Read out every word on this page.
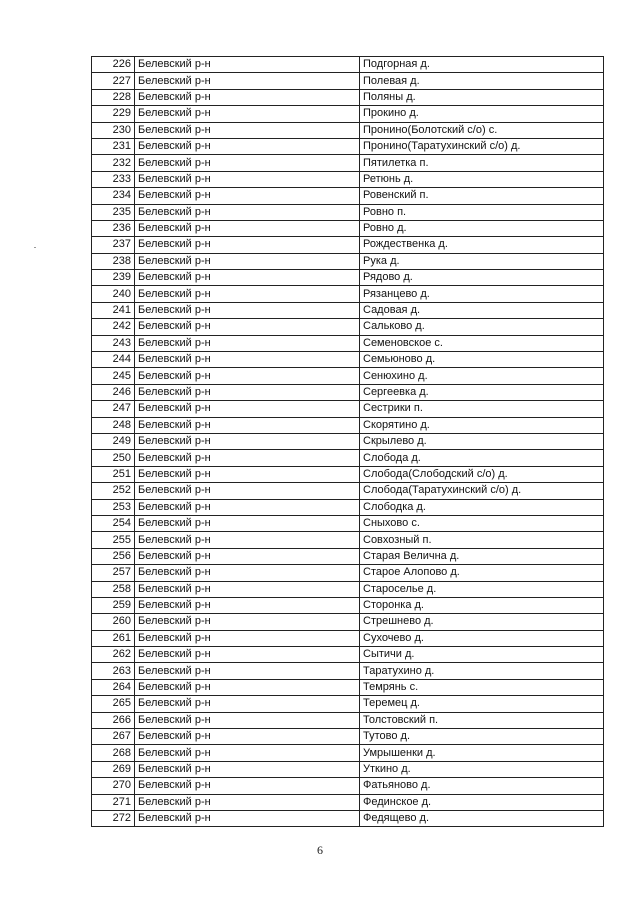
226	Белевский р-н	Подгорная д.
227	Белевский р-н	Полевая д.
228	Белевский р-н	Поляны д.
229	Белевский р-н	Прокино д.
230	Белевский р-н	Пронино(Болотский с/о) с.
231	Белевский р-н	Пронино(Таратухинский с/о) д.
232	Белевский р-н	Пятилетка п.
233	Белевский р-н	Ретюнь д.
234	Белевский р-н	Ровенский п.
235	Белевский р-н	Ровно п.
236	Белевский р-н	Ровно д.
237	Белевский р-н	Рождественка д.
238	Белевский р-н	Рука д.
239	Белевский р-н	Рядово д.
240	Белевский р-н	Рязанцево д.
241	Белевский р-н	Садовая д.
242	Белевский р-н	Сальково д.
243	Белевский р-н	Семеновское с.
244	Белевский р-н	Семьюново д.
245	Белевский р-н	Сенюхино д.
246	Белевский р-н	Сергеевка д.
247	Белевский р-н	Сестрики п.
248	Белевский р-н	Скорятино д.
249	Белевский р-н	Скрылево д.
250	Белевский р-н	Слобода д.
251	Белевский р-н	Слобода(Слободский с/о) д.
252	Белевский р-н	Слобода(Таратухинский с/о) д.
253	Белевский р-н	Слободка д.
254	Белевский р-н	Сныхово с.
255	Белевский р-н	Совхозный п.
256	Белевский р-н	Старая Велична д.
257	Белевский р-н	Старое Алопово д.
258	Белевский р-н	Староселье д.
259	Белевский р-н	Сторонка д.
260	Белевский р-н	Стрешнево д.
261	Белевский р-н	Сухочево д.
262	Белевский р-н	Сытичи д.
263	Белевский р-н	Таратухино д.
264	Белевский р-н	Темрянь с.
265	Белевский р-н	Теремец д.
266	Белевский р-н	Толстовский п.
267	Белевский р-н	Тутово д.
268	Белевский р-н	Умрышенки д.
269	Белевский р-н	Уткино д.
270	Белевский р-н	Фатьяново д.
271	Белевский р-н	Фединское д.
272	Белевский р-н	Федящево д.
6
